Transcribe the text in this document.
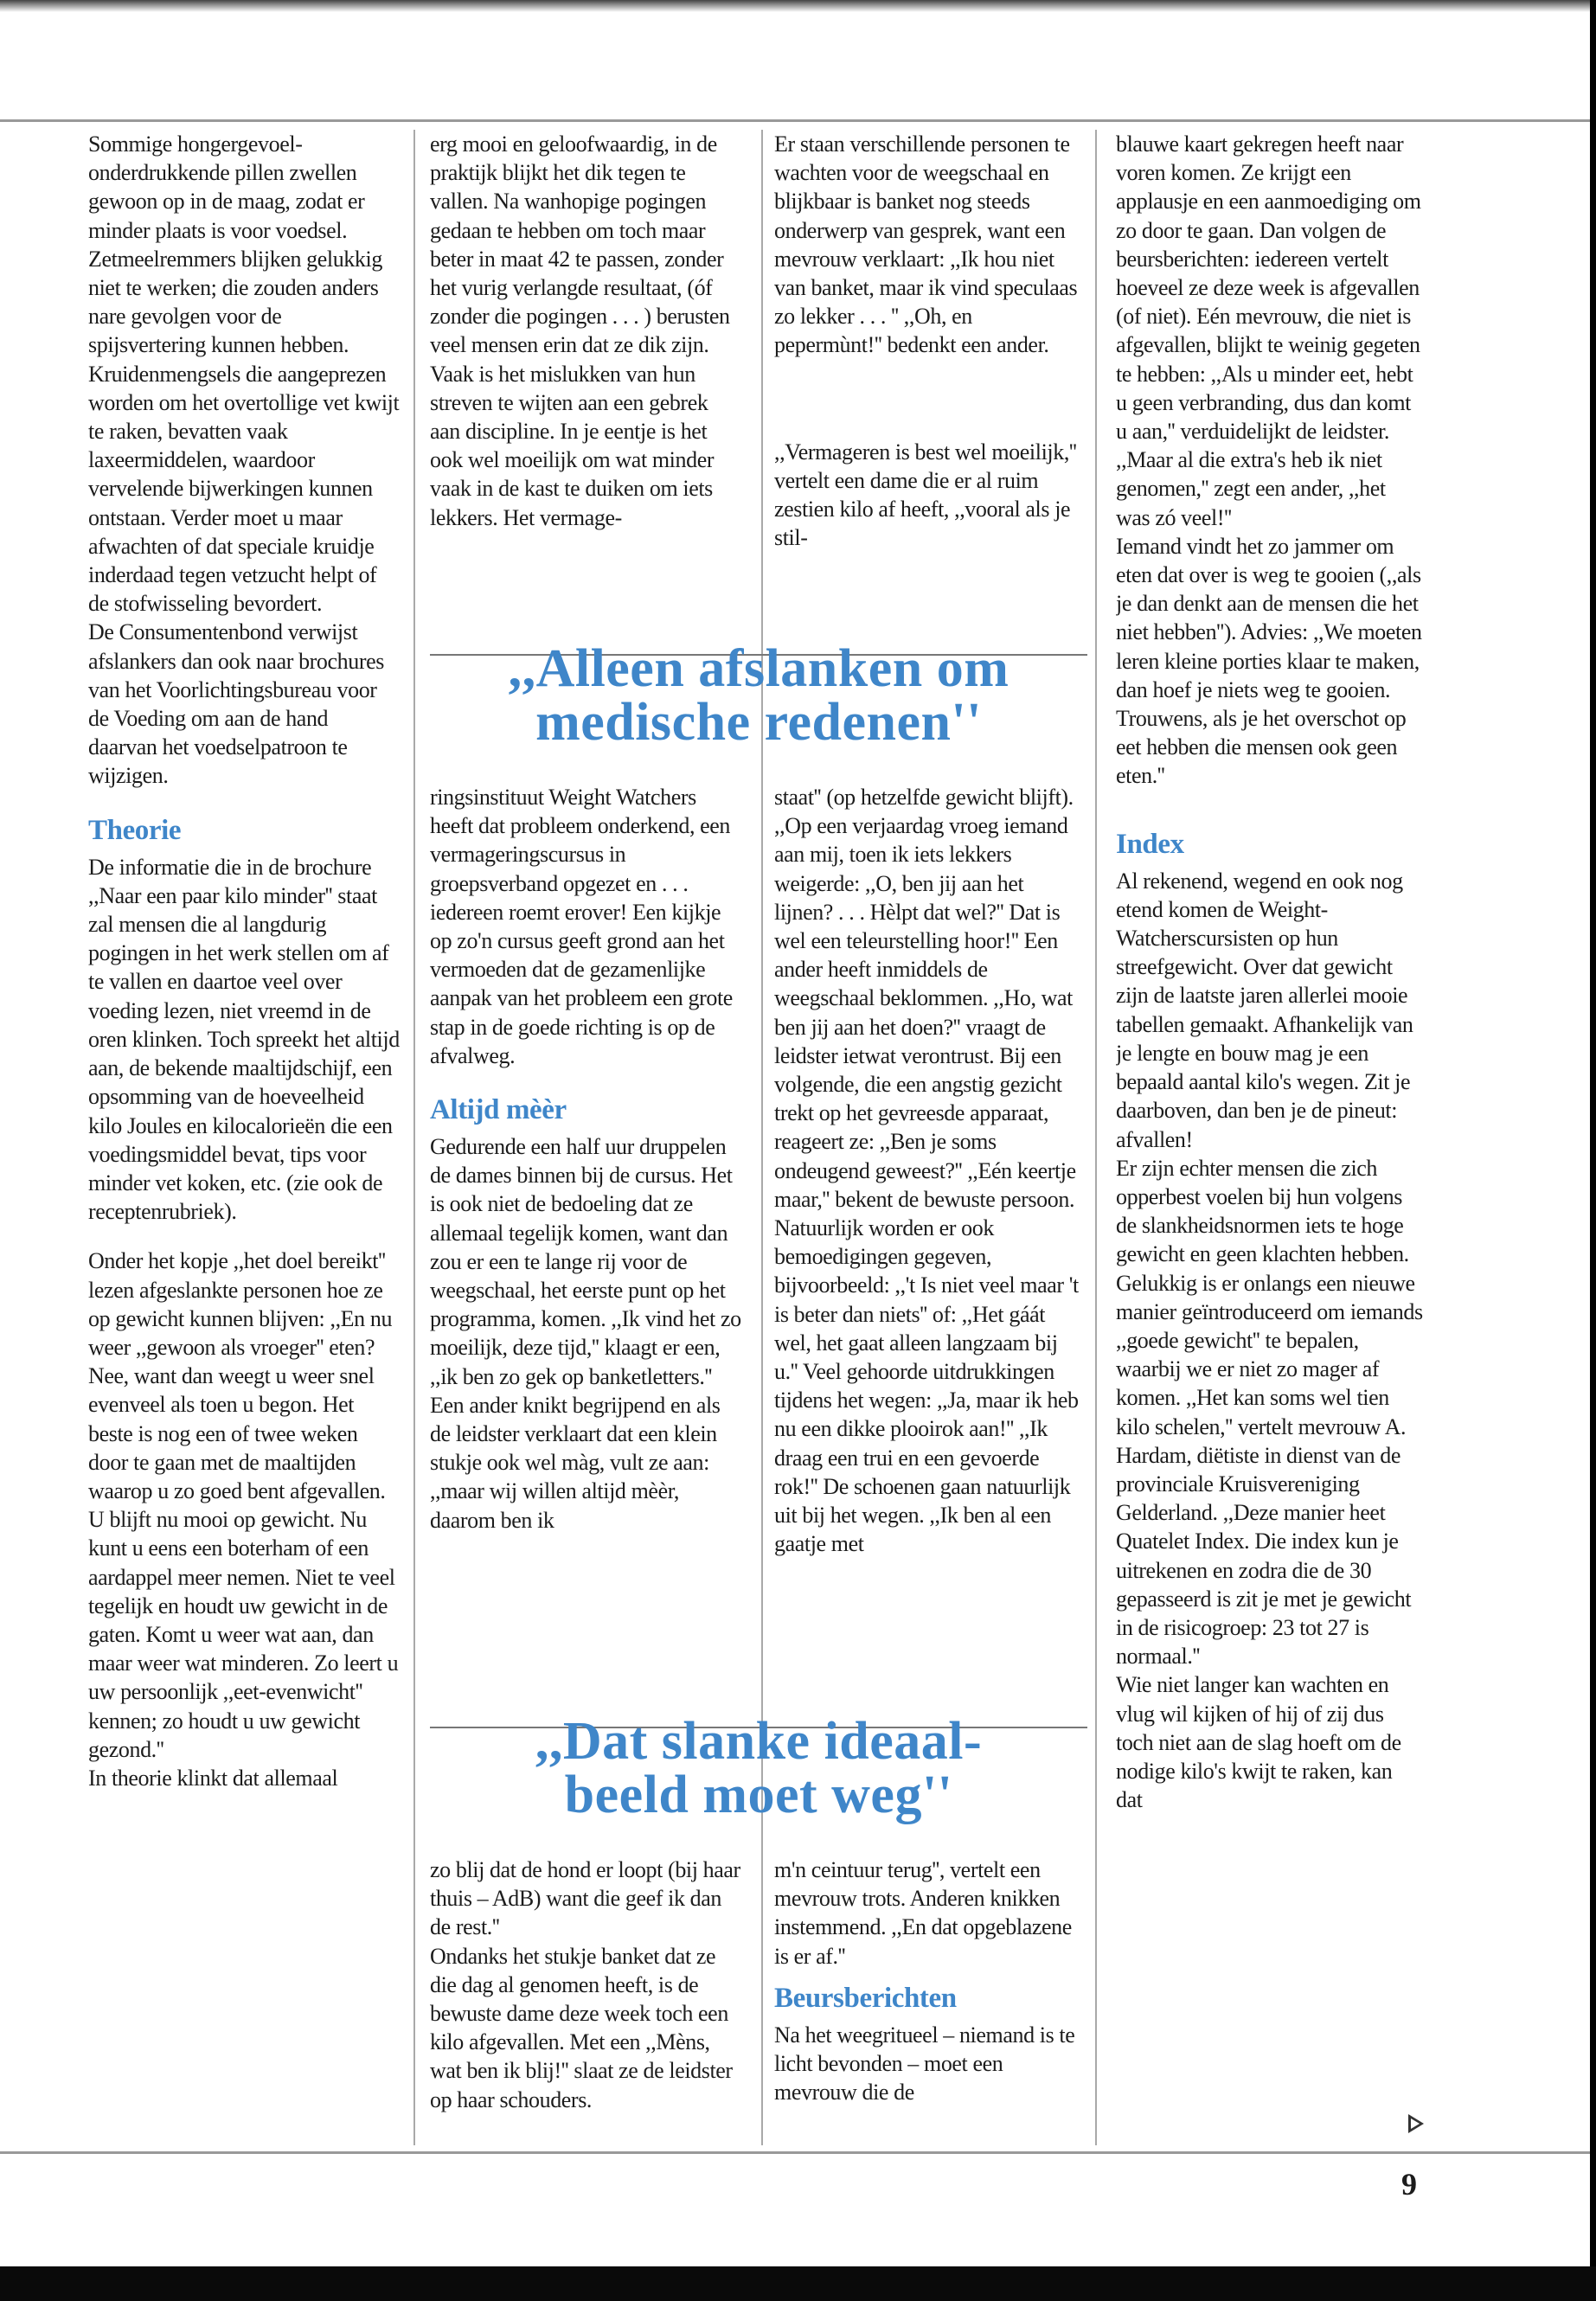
Sommige hongergevoel-onderdrukkende pillen zwellen gewoon op in de maag, zodat er minder plaats is voor voedsel. Zetmeelremmers blijken gelukkig niet te werken; die zouden anders nare gevolgen voor de spijsvertering kunnen hebben.

Kruidenmengsels die aangeprezen worden om het overtollige vet kwijt te raken, bevatten vaak laxeermiddelen, waardoor vervelende bijwerkingen kunnen ontstaan. Verder moet u maar afwachten of dat speciale kruidje inderdaad tegen vetzucht helpt of de stofwisseling bevordert.

De Consumentenbond verwijst afslankers dan ook naar brochures van het Voorlichtingsbureau voor de Voeding om aan de hand daarvan het voedselpatroon te wijzigen.

Theorie

De informatie die in de brochure ,,Naar een paar kilo minder'' staat zal mensen die al langdurig pogingen in het werk stellen om af te vallen en daartoe veel over voeding lezen, niet vreemd in de oren klinken. Toch spreekt het altijd aan, de bekende maaltijdschijf, een opsomming van de hoeveelheid kilo Joules en kilocalorieën die een voedingsmiddel bevat, tips voor minder vet koken, etc. (zie ook de receptenrubriek).

Onder het kopje ,,het doel bereikt'' lezen afgeslankte personen hoe ze op gewicht kunnen blijven: ,,En nu weer ,,gewoon als vroeger'' eten? Nee, want dan weegt u weer snel evenveel als toen u begon. Het beste is nog een of twee weken door te gaan met de maaltijden waarop u zo goed bent afgevallen. U blijft nu mooi op gewicht. Nu kunt u eens een boterham of een aardappel meer nemen. Niet te veel tegelijk en houdt uw gewicht in de gaten. Komt u weer wat aan, dan maar weer wat minderen. Zo leert u uw persoonlijk ,,eet-evenwicht'' kennen; zo houdt u uw gewicht gezond.''

In theorie klinkt dat allemaal

erg mooi en geloofwaardig, in de praktijk blijkt het dik tegen te vallen. Na wanhopige pogingen gedaan te hebben om toch maar beter in maat 42 te passen, zonder het vurig verlangde resultaat, (óf zonder die pogingen . . . ) berusten veel mensen erin dat ze dik zijn. Vaak is het mislukken van hun streven te wijten aan een gebrek aan discipline. In je eentje is het ook wel moeilijk om wat minder vaak in de kast te duiken om iets lekkers. Het vermage-

Er staan verschillende personen te wachten voor de weegschaal en blijkbaar is banket nog steeds onderwerp van gesprek, want een mevrouw verklaart: ,,Ik hou niet van banket, maar ik vind speculaas zo lekker . . . '' ,,Oh, en pepermùnt!'' bedenkt een ander.

,,Vermageren is best wel moeilijk,'' vertelt een dame die er al ruim zestien kilo af heeft, ,,vooral als je stil-

,,Alleen afslanken om
medische redenen''

ringsinstituut Weight Watchers heeft dat probleem onderkend, een vermageringscursus in groepsverband opgezet en . . . iedereen roemt erover! Een kijkje op zo'n cursus geeft grond aan het vermoeden dat de gezamenlijke aanpak van het probleem een grote stap in de goede richting is op de afvalweg.

Altijd mèèr

Gedurende een half uur druppelen de dames binnen bij de cursus. Het is ook niet de bedoeling dat ze allemaal tegelijk komen, want dan zou er een te lange rij voor de weegschaal, het eerste punt op het programma, komen. ,,Ik vind het zo moeilijk, deze tijd,'' klaagt er een, ,,ik ben zo gek op banketletters.'' Een ander knikt begrijpend en als de leidster verklaart dat een klein stukje ook wel màg, vult ze aan: ,,maar wij willen altijd mèèr, daarom ben ik

staat'' (op hetzelfde gewicht blijft). ,,Op een verjaardag vroeg iemand aan mij, toen ik iets lekkers weigerde: ,,O, ben jij aan het lijnen? . . . Hèlpt dat wel?'' Dat is wel een teleurstelling hoor!'' Een ander heeft inmiddels de weegschaal beklommen. ,,Ho, wat ben jij aan het doen?'' vraagt de leidster ietwat verontrust. Bij een volgende, die een angstig gezicht trekt op het gevreesde apparaat, reageert ze: ,,Ben je soms ondeugend geweest?'' ,,Eén keertje maar,'' bekent de bewuste persoon. Natuurlijk worden er ook bemoedigingen gegeven, bijvoorbeeld: ,,'t Is niet veel maar 't is beter dan niets'' of: ,,Het gáát wel, het gaat alleen langzaam bij u.'' Veel gehoorde uitdrukkingen tijdens het wegen: ,,Ja, maar ik heb nu een dikke plooirok aan!'' ,,Ik draag een trui en een gevoerde rok!'' De schoenen gaan natuurlijk uit bij het wegen. ,,Ik ben al een gaatje met

,,Dat slanke ideaal-
beeld moet weg''

zo blij dat de hond er loopt (bij haar thuis – AdB) want die geef ik dan de rest.''

Ondanks het stukje banket dat ze die dag al genomen heeft, is de bewuste dame deze week toch een kilo afgevallen. Met een ,,Mèns, wat ben ik blij!'' slaat ze de leidster op haar schouders.

m'n ceintuur terug'', vertelt een mevrouw trots. Anderen knikken instemmend. ,,En dat opgeblazene is er af.''

Beursberichten

Na het weegritueel – niemand is te licht bevonden – moet een mevrouw die de

blauwe kaart gekregen heeft naar voren komen. Ze krijgt een applausje en een aanmoediging om zo door te gaan. Dan volgen de beursberichten: iedereen vertelt hoeveel ze deze week is afgevallen (of niet). Eén mevrouw, die niet is afgevallen, blijkt te weinig gegeten te hebben: ,,Als u minder eet, hebt u geen verbranding, dus dan komt u aan,'' verduidelijkt de leidster. ,,Maar al die extra's heb ik niet genomen,'' zegt een ander, ,,het was zó veel!''

Iemand vindt het zo jammer om eten dat over is weg te gooien (,,als je dan denkt aan de mensen die het niet hebben''). Advies: ,,We moeten leren kleine porties klaar te maken, dan hoef je niets weg te gooien. Trouwens, als je het overschot op eet hebben die mensen ook geen eten.''

Index

Al rekenend, wegend en ook nog etend komen de Weight-Watcherscursisten op hun streefgewicht. Over dat gewicht zijn de laatste jaren allerlei mooie tabellen gemaakt. Afhankelijk van je lengte en bouw mag je een bepaald aantal kilo's wegen. Zit je daarboven, dan ben je de pineut: afvallen!

Er zijn echter mensen die zich opperbest voelen bij hun volgens de slankheidsnormen iets te hoge gewicht en geen klachten hebben. Gelukkig is er onlangs een nieuwe manier geïntroduceerd om iemands ,,goede gewicht'' te bepalen, waarbij we er niet zo mager af komen. ,,Het kan soms wel tien kilo schelen,'' vertelt mevrouw A. Hardam, diëtiste in dienst van de provinciale Kruisvereniging Gelderland. ,,Deze manier heet Quatelet Index. Die index kun je uitrekenen en zodra die de 30 gepasseerd is zit je met je gewicht in de risicogroep: 23 tot 27 is normaal.''

Wie niet langer kan wachten en vlug wil kijken of hij of zij dus toch niet aan de slag hoeft om de nodige kilo's kwijt te raken, kan dat

9
